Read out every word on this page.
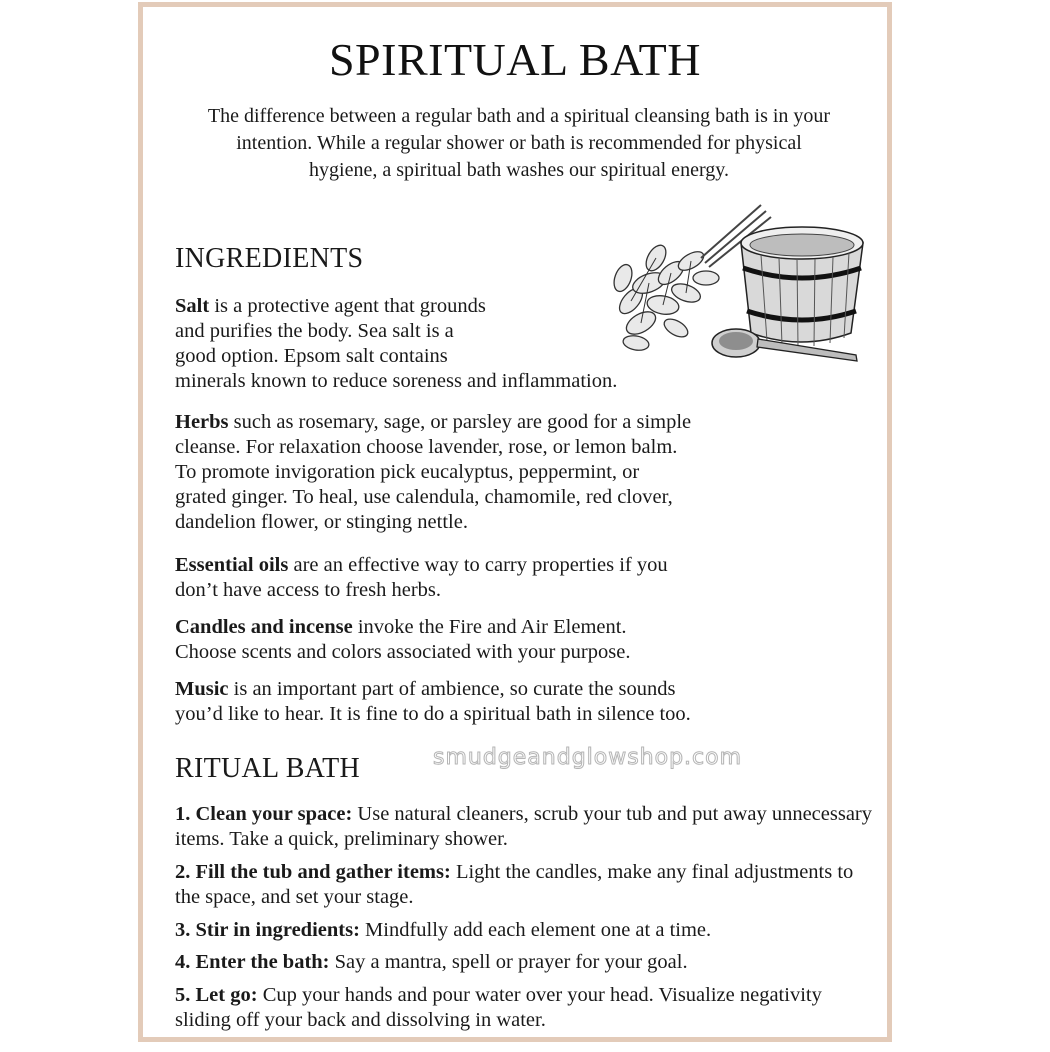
SPIRITUAL BATH

The difference between a regular bath and a spiritual cleansing bath is in your intention. While a regular shower or bath is recommended for physical hygiene, a spiritual bath washes our spiritual energy.

INGREDIENTS

Salt is a protective agent that grounds
and purifies the body. Sea salt is a
good option. Epsom salt contains
minerals known to reduce soreness and inflammation.

Herbs such as rosemary, sage, or parsley are good for a simple
cleanse. For relaxation choose lavender, rose, or lemon balm.
To promote invigoration pick eucalyptus, peppermint, or
grated ginger. To heal, use calendula, chamomile, red clover,
dandelion flower, or stinging nettle.

Essential oils are an effective way to carry properties if you
don’t have access to fresh herbs.

Candles and incense invoke the Fire and Air Element.
Choose scents and colors associated with your purpose.

Music is an important part of ambience, so curate the sounds
you’d like to hear. It is fine to do a spiritual bath in silence too.

RITUAL BATH	smudgeandglowshop.com

1. Clean your space: Use natural cleaners, scrub your tub and put away unnecessary items. Take a quick, preliminary shower.

2. Fill the tub and gather items: Light the candles, make any final adjustments to the space, and set your stage.

3. Stir in ingredients: Mindfully add each element one at a time.

4. Enter the bath: Say a mantra, spell or prayer for your goal.

5. Let go: Cup your hands and pour water over your head. Visualize negativity sliding off your back and dissolving in water.
